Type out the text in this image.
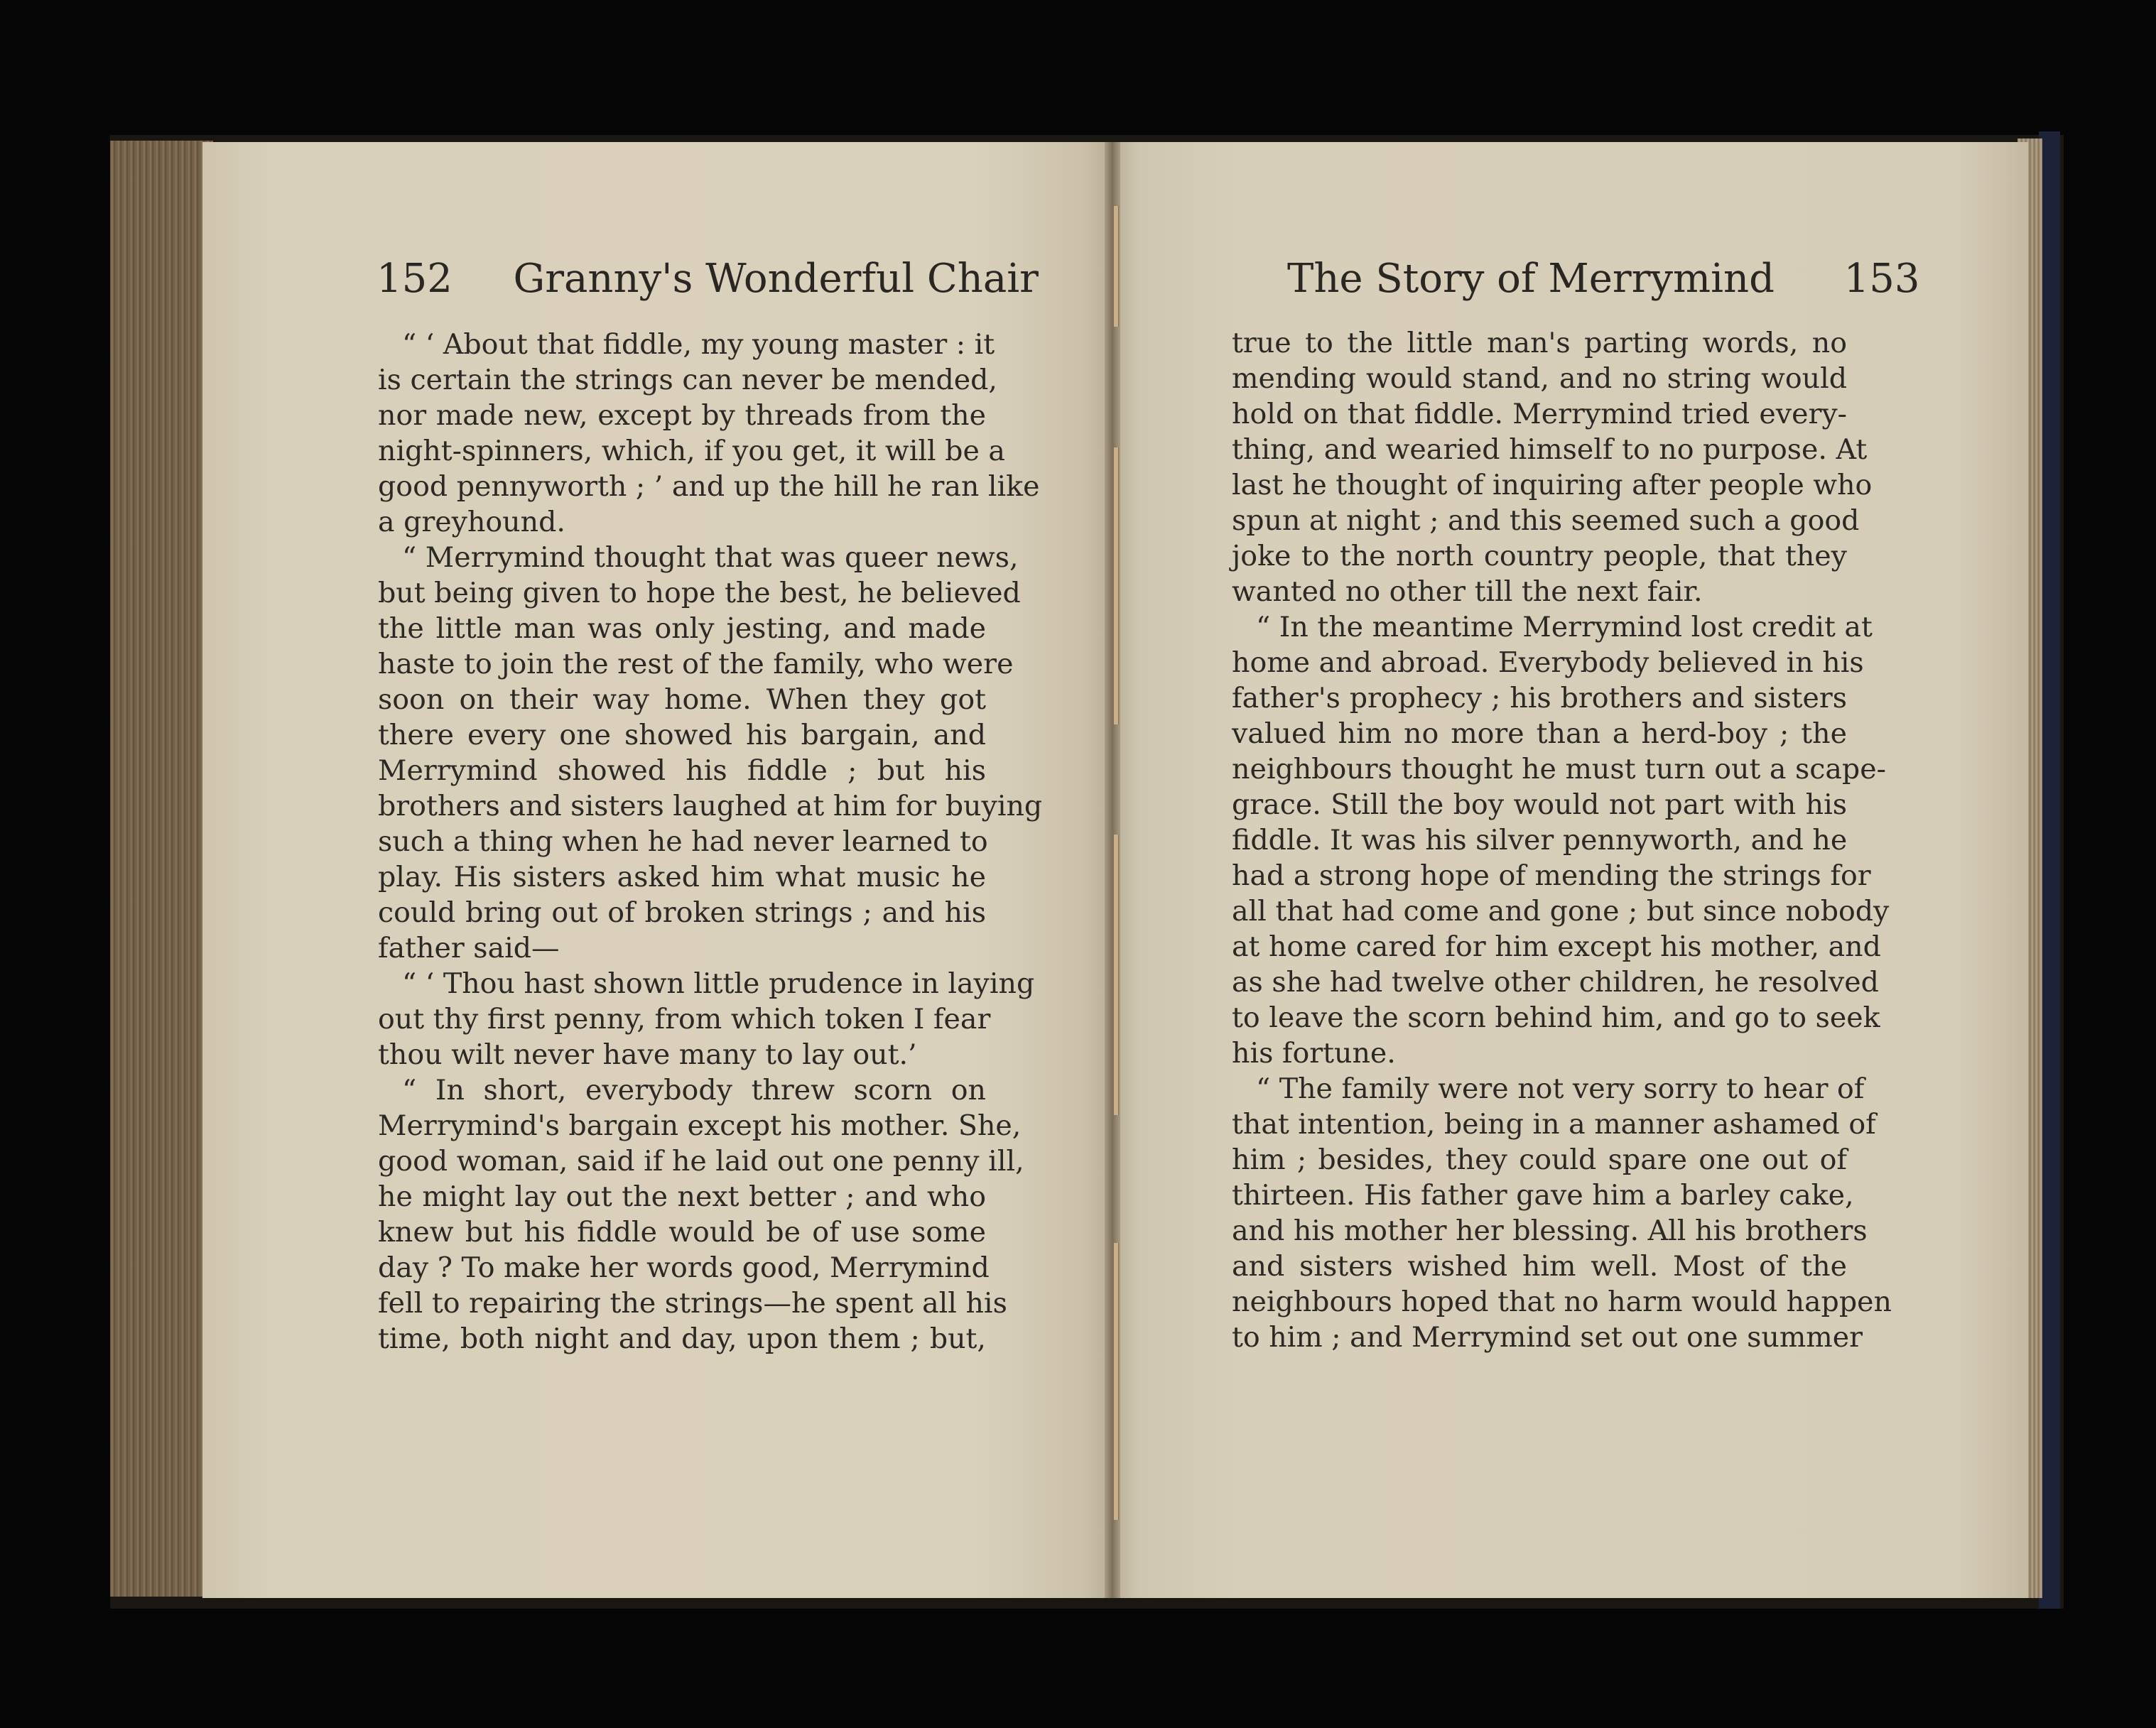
152 Granny's Wonderful Chair	The Story of Merrymind 153
“ ‘ About that fiddle, my young master : it
is certain the strings can never be mended,
nor made new, except by threads from the
night-spinners, which, if you get, it will be a
good pennyworth ; ’ and up the hill he ran like
a greyhound.
“ Merrymind thought that was queer news,
but being given to hope the best, he believed
the little man was only jesting, and made
haste to join the rest of the family, who were
soon on their way home. When they got
there every one showed his bargain, and
Merrymind showed his fiddle ; but his
brothers and sisters laughed at him for buying
such a thing when he had never learned to
play. His sisters asked him what music he
could bring out of broken strings ; and his
father said—
“ ‘ Thou hast shown little prudence in laying
out thy first penny, from which token I fear
thou wilt never have many to lay out.’
“ In short, everybody threw scorn on
Merrymind's bargain except his mother. She,
good woman, said if he laid out one penny ill,
he might lay out the next better ; and who
knew but his fiddle would be of use some
day ? To make her words good, Merrymind
fell to repairing the strings—he spent all his
time, both night and day, upon them ; but,
true to the little man's parting words, no
mending would stand, and no string would
hold on that fiddle. Merrymind tried every-
thing, and wearied himself to no purpose. At
last he thought of inquiring after people who
spun at night ; and this seemed such a good
joke to the north country people, that they
wanted no other till the next fair.
“ In the meantime Merrymind lost credit at
home and abroad. Everybody believed in his
father's prophecy ; his brothers and sisters
valued him no more than a herd-boy ; the
neighbours thought he must turn out a scape-
grace. Still the boy would not part with his
fiddle. It was his silver pennyworth, and he
had a strong hope of mending the strings for
all that had come and gone ; but since nobody
at home cared for him except his mother, and
as she had twelve other children, he resolved
to leave the scorn behind him, and go to seek
his fortune.
“ The family were not very sorry to hear of
that intention, being in a manner ashamed of
him ; besides, they could spare one out of
thirteen. His father gave him a barley cake,
and his mother her blessing. All his brothers
and sisters wished him well. Most of the
neighbours hoped that no harm would happen
to him ; and Merrymind set out one summer
